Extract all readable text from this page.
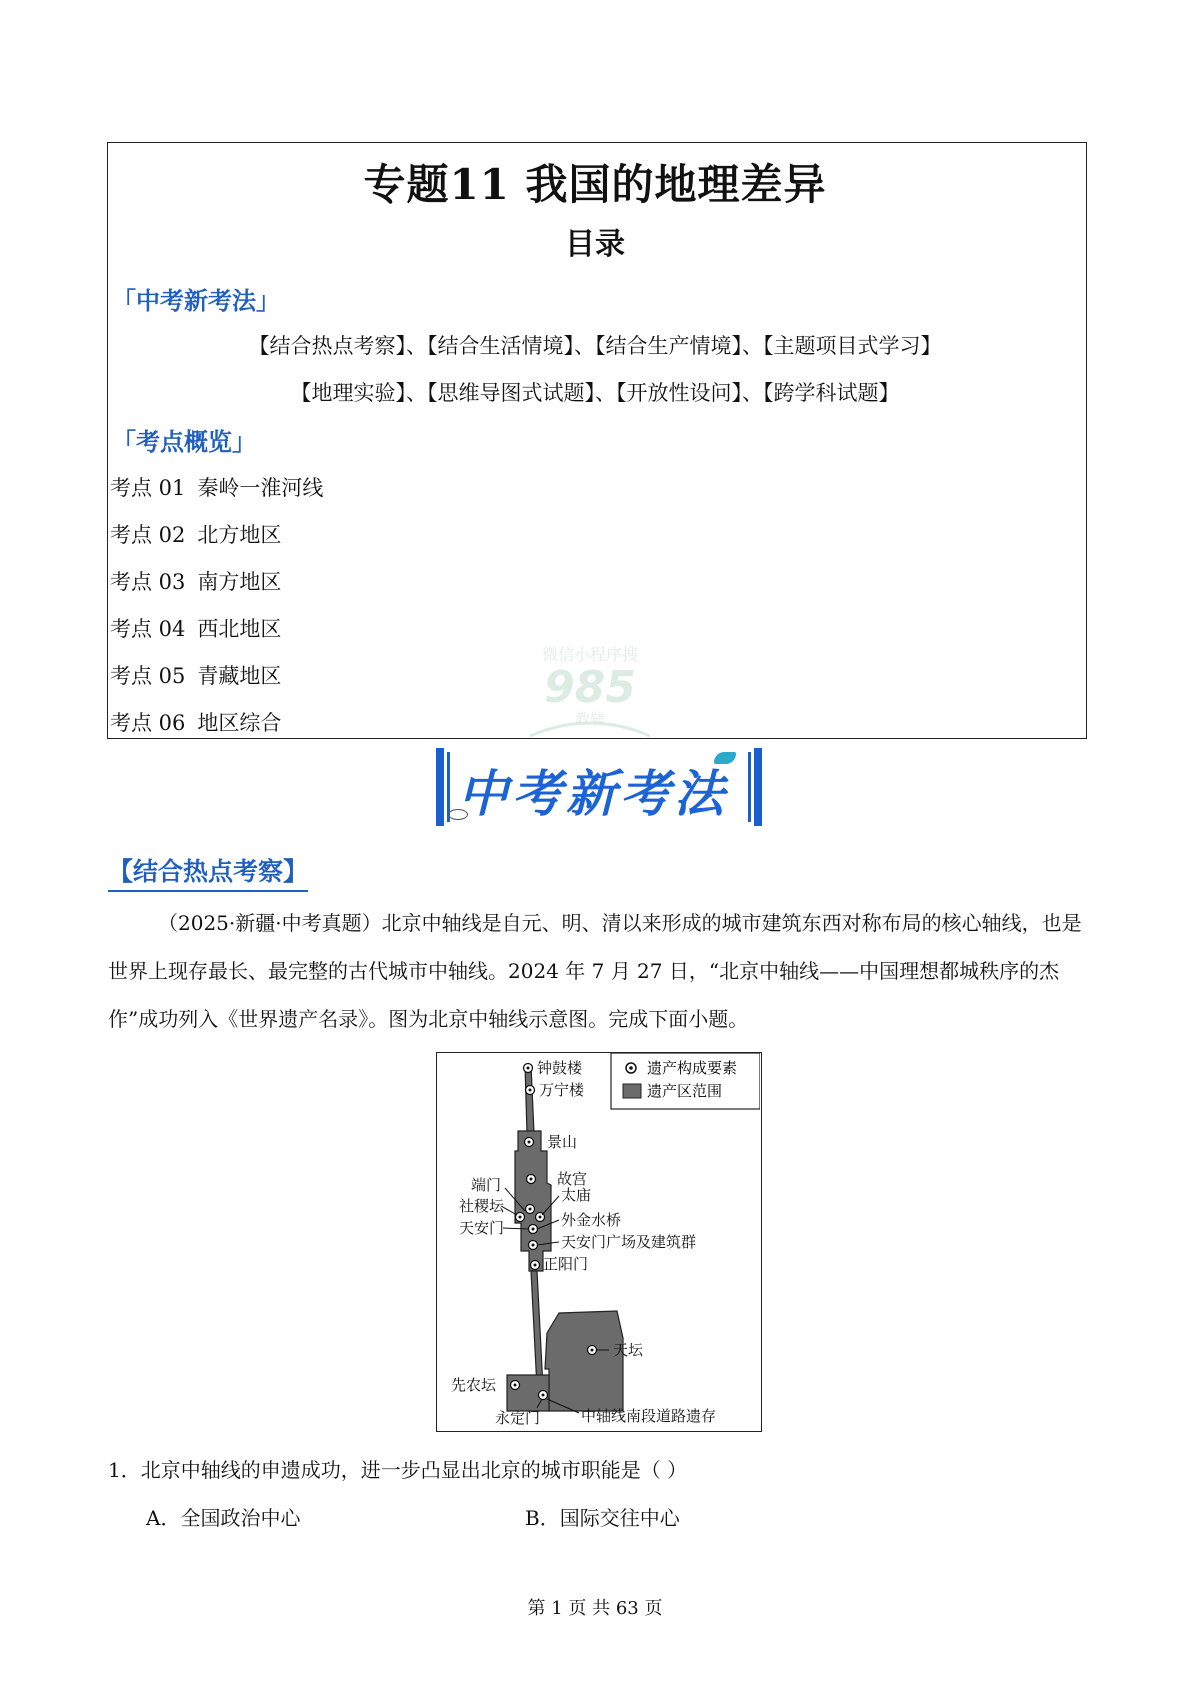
专题11 我国的地理差异
目录
「中考新考法」
【结合热点考察】、【结合生活情境】、【结合生产情境】、【主题项目式学习】
【地理实验】、【思维导图式试题】、【开放性设问】、【跨学科试题】
「考点概览」
考点 01 秦岭一淮河线
考点 02 北方地区
考点 03 南方地区
考点 04 西北地区
考点 05 青藏地区
考点 06 地区综合
微信小程序搜
985
教辅
中考新考法
【结合热点考察】
（2025·新疆·中考真题）北京中轴线是自元、明、清以来形成的城市建筑东西对称布局的核心轴线，也是世界上现存最长、最完整的古代城市中轴线。2024 年 7 月 27 日，“北京中轴线——中国理想都城秩序的杰作”成功列入《世界遗产名录》。图为北京中轴线示意图。完成下面小题。
遗产构成要素
遗产区范围
钟鼓楼
万宁楼
景山
故宫
端门
太庙
社稷坛
外金水桥
天安门
天安门广场及建筑群
正阳门
天坛
先农坛
永定门	中轴线南段道路遗存
1．北京中轴线的申遗成功，进一步凸显出北京的城市职能是（ ）
A．全国政治中心	B．国际交往中心
第 1 页 共 63 页
